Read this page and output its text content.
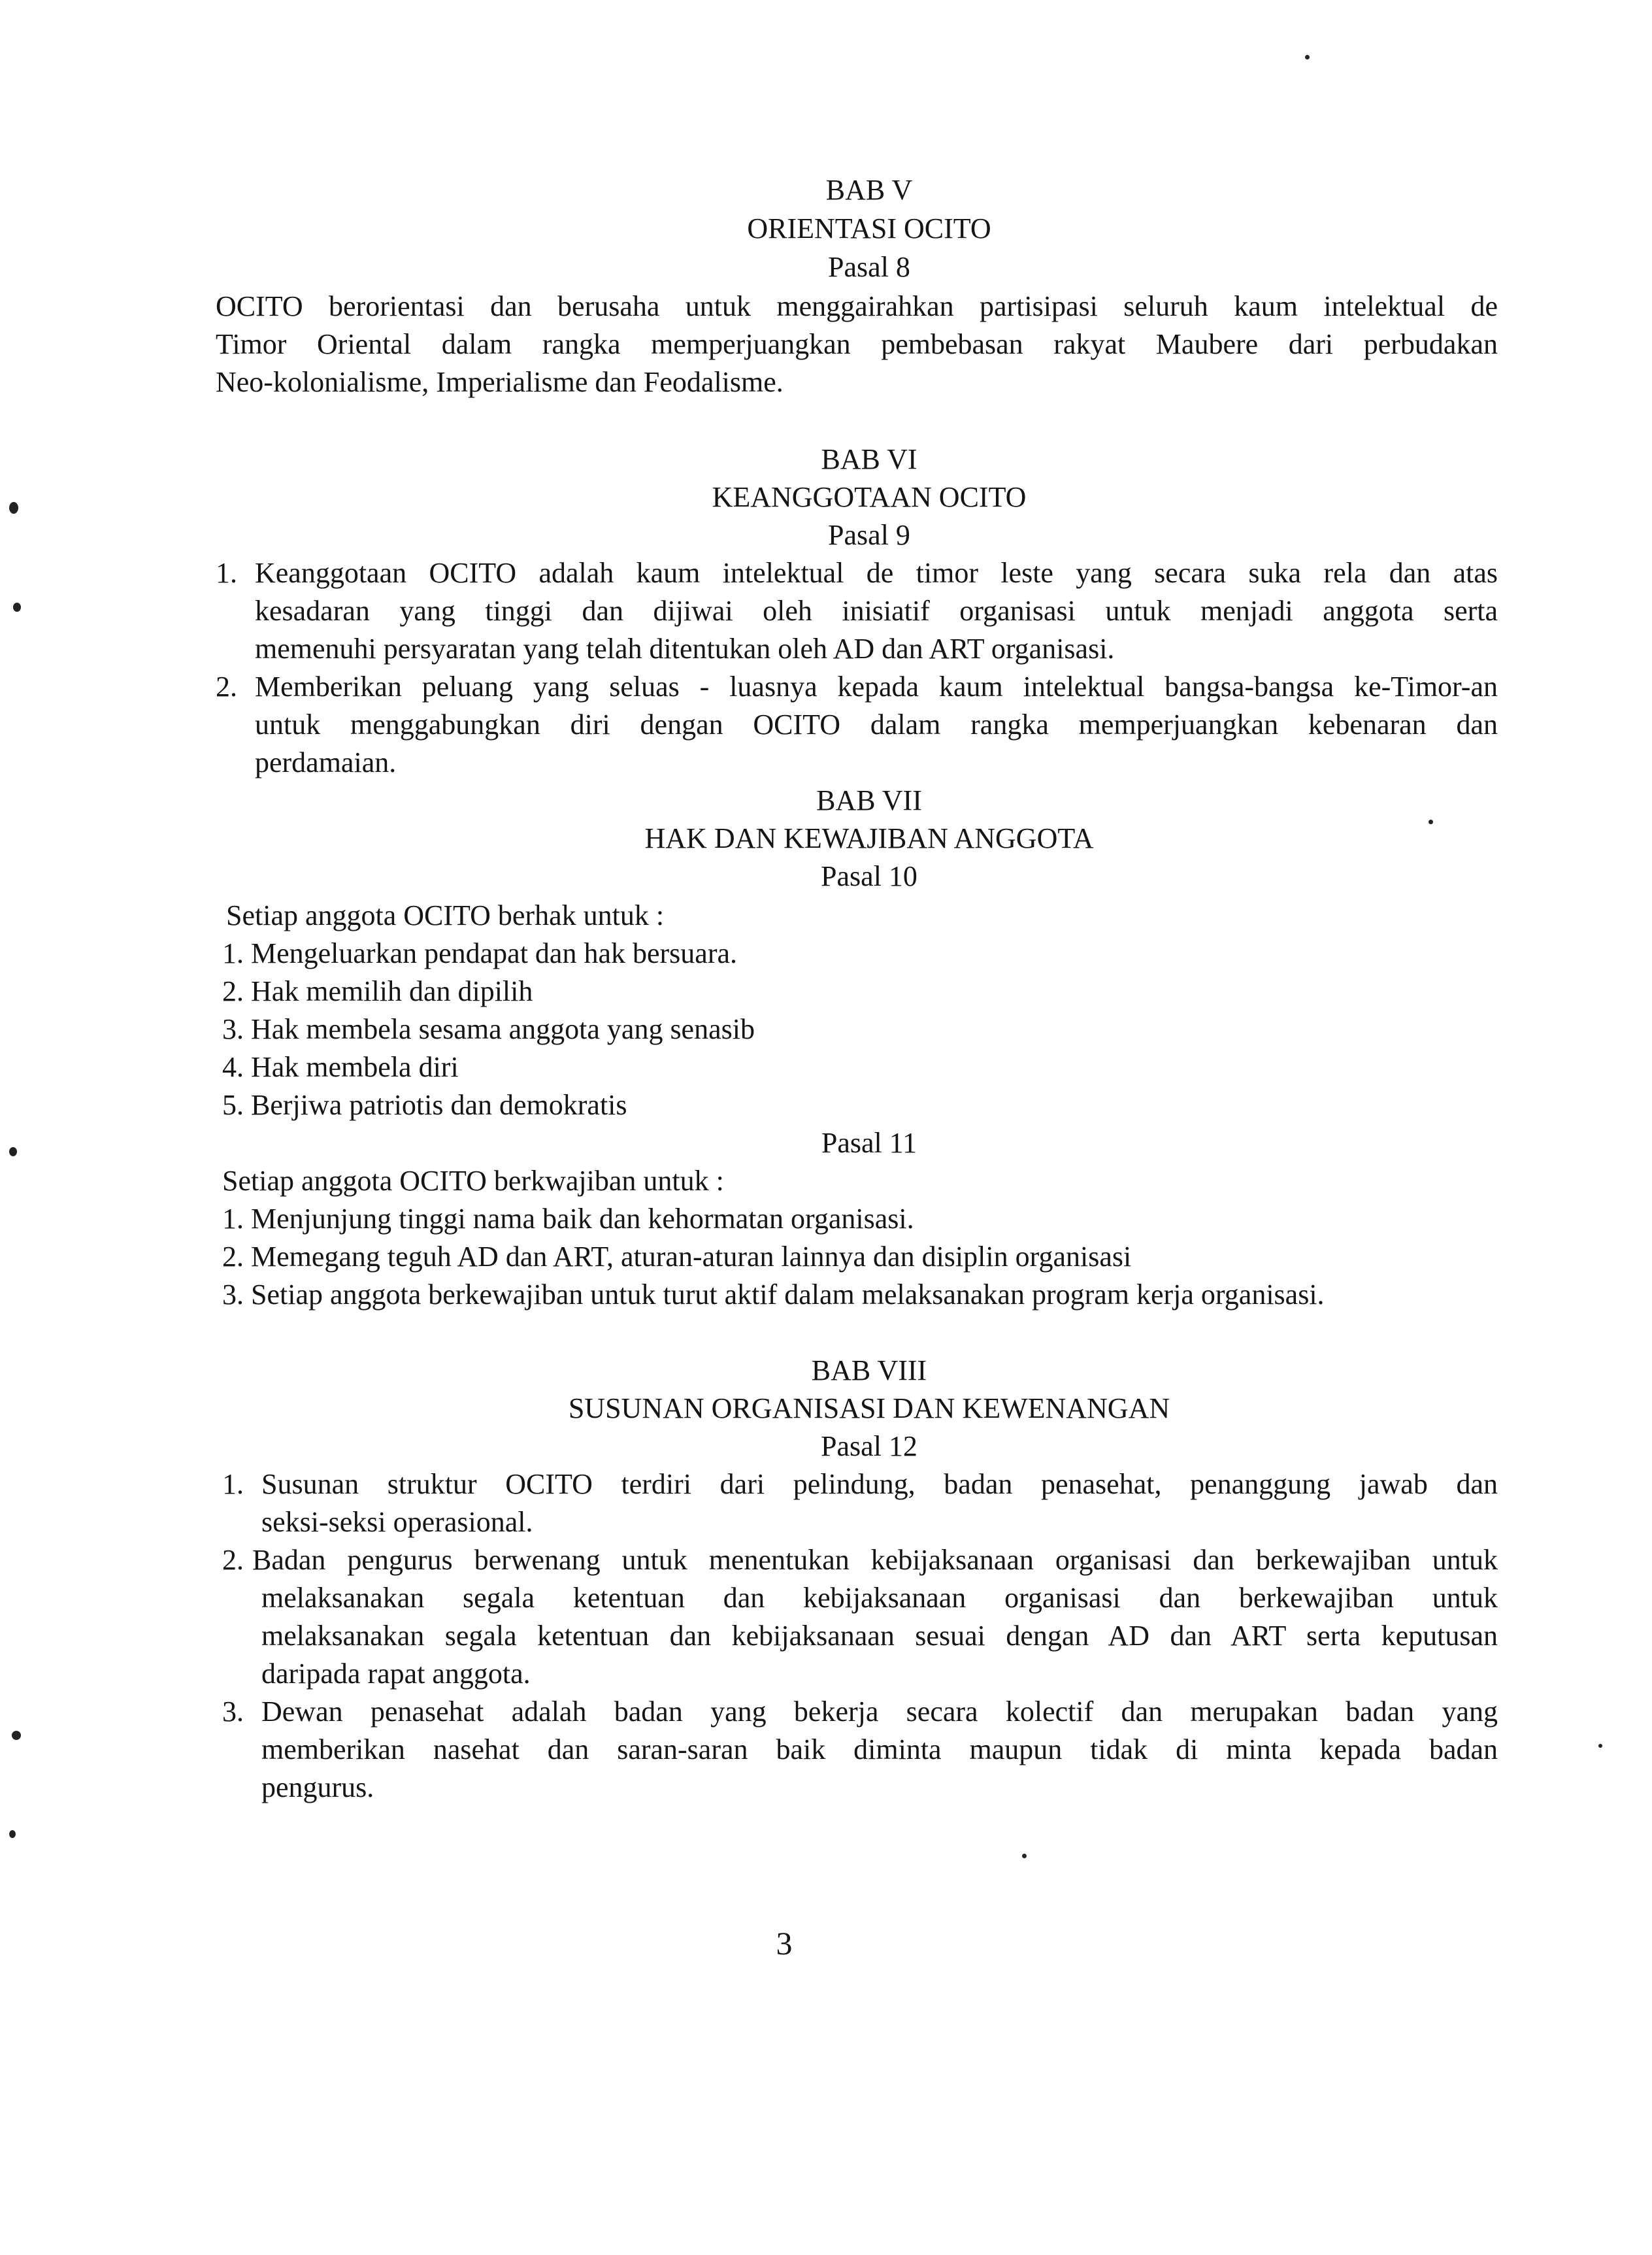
BAB V
ORIENTASI OCITO
Pasal 8
OCITO berorientasi dan berusaha untuk menggairahkan partisipasi seluruh kaum intelektual de
Timor Oriental dalam rangka memperjuangkan pembebasan rakyat Maubere dari perbudakan
Neo-kolonialisme, Imperialisme dan Feodalisme.
BAB VI
KEANGGOTAAN OCITO
Pasal 9
1. Keanggotaan OCITO adalah kaum intelektual de timor leste yang secara suka rela dan atas
kesadaran yang tinggi dan dijiwai oleh inisiatif organisasi untuk menjadi anggota serta
memenuhi persyaratan yang telah ditentukan oleh AD dan ART organisasi.
2. Memberikan peluang yang seluas - luasnya kepada kaum intelektual bangsa-bangsa ke-Timor-an
untuk menggabungkan diri dengan OCITO dalam rangka memperjuangkan kebenaran dan
perdamaian.
BAB VII
HAK DAN KEWAJIBAN ANGGOTA
Pasal 10
Setiap anggota OCITO berhak untuk :
1. Mengeluarkan pendapat dan hak bersuara.
2. Hak memilih dan dipilih
3. Hak membela sesama anggota yang senasib
4. Hak membela diri
5. Berjiwa patriotis dan demokratis
Pasal 11
Setiap anggota OCITO berkwajiban untuk :
1. Menjunjung tinggi nama baik dan kehormatan organisasi.
2. Memegang teguh AD dan ART, aturan-aturan lainnya dan disiplin organisasi
3. Setiap anggota berkewajiban untuk turut aktif dalam melaksanakan program kerja organisasi.
BAB VIII
SUSUNAN ORGANISASI DAN KEWENANGAN
Pasal 12
1. Susunan struktur OCITO terdiri dari pelindung, badan penasehat, penanggung jawab dan
seksi-seksi operasional.
2. Badan pengurus berwenang untuk menentukan kebijaksanaan organisasi dan berkewajiban untuk
melaksanakan segala ketentuan dan kebijaksanaan organisasi dan berkewajiban untuk
melaksanakan segala ketentuan dan kebijaksanaan sesuai dengan AD dan ART serta keputusan
daripada rapat anggota.
3. Dewan penasehat adalah badan yang bekerja secara kolectif dan merupakan badan yang
memberikan nasehat dan saran-saran baik diminta maupun tidak di minta kepada badan
pengurus.
3
